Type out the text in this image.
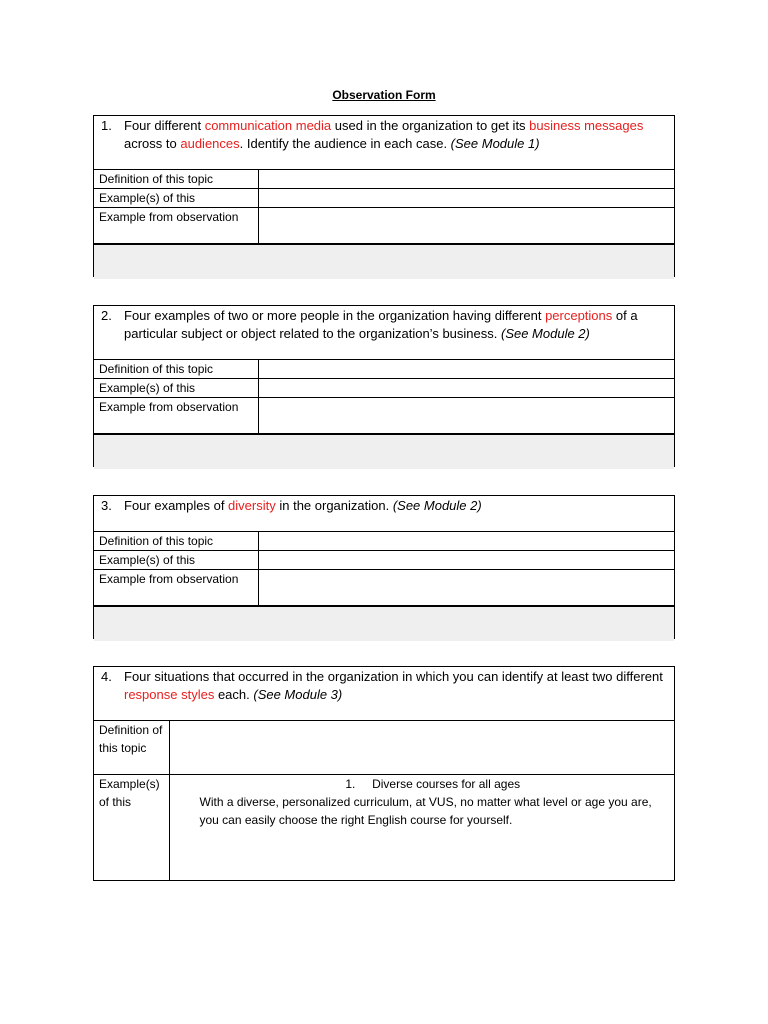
Observation Form
1. Four different communication media used in the organization to get its business messages across to audiences. Identify the audience in each case. (See Module 1)
Definition of this topic	
Example(s) of this	
Example from observation	
2. Four examples of two or more people in the organization having different perceptions of a particular subject or object related to the organization’s business. (See Module 2)
Definition of this topic	
Example(s) of this	
Example from observation	
3. Four examples of diversity in the organization. (See Module 2)
Definition of this topic	
Example(s) of this	
Example from observation	
4. Four situations that occurred in the organization in which you can identify at least two different response styles each. (See Module 3)
Definition of this topic	
Example(s) of this	1. Diverse courses for all ages
With a diverse, personalized curriculum, at VUS, no matter what level or age you are, you can easily choose the right English course for yourself.
